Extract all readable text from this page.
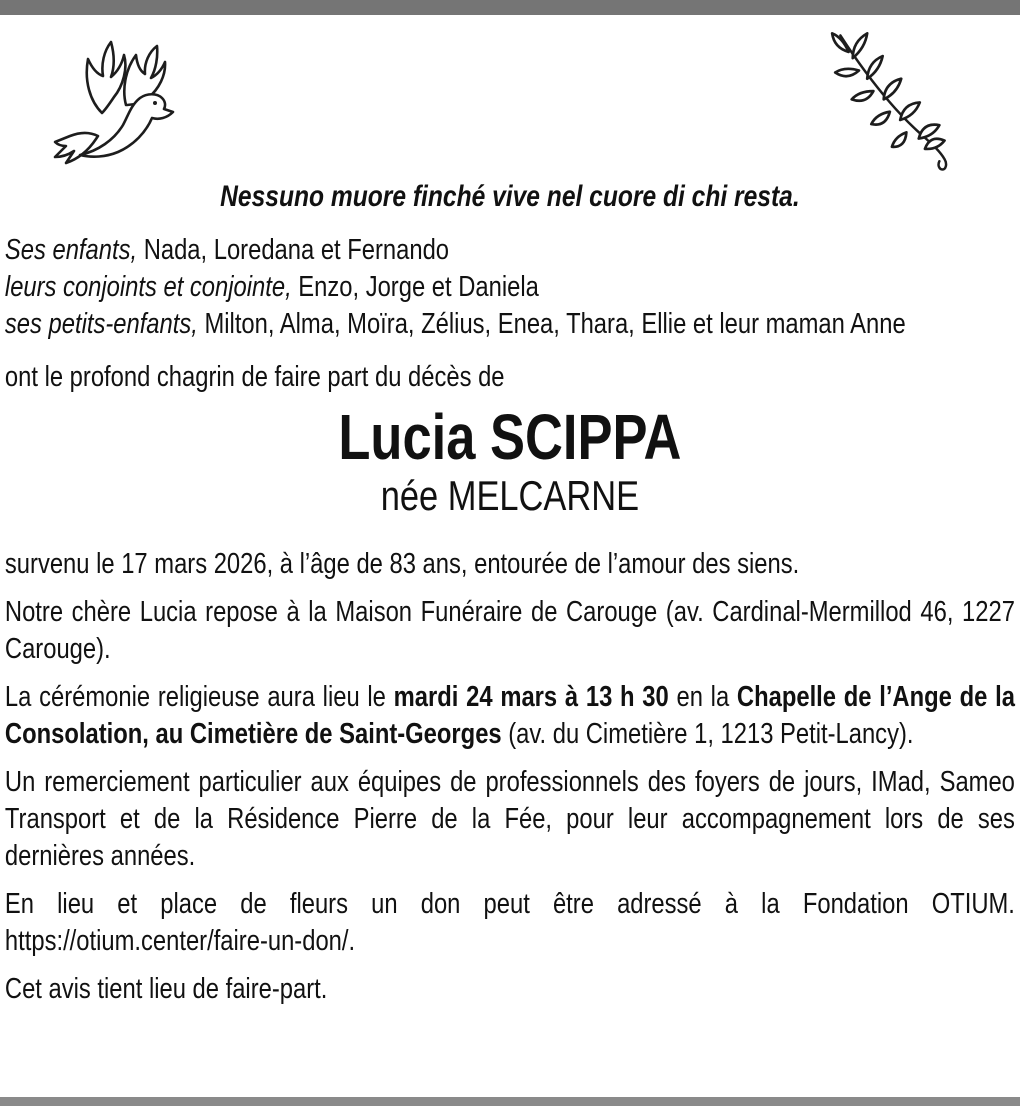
Nessuno muore finché vive nel cuore di chi resta.
Ses enfants, Nada, Loredana et Fernando
leurs conjoints et conjointe, Enzo, Jorge et Daniela
ses petits-enfants, Milton, Alma, Moïra, Zélius, Enea, Thara, Ellie et leur maman Anne
ont le profond chagrin de faire part du décès de
Lucia SCIPPA
née MELCARNE
survenu le 17 mars 2026, à l’âge de 83 ans, entourée de l’amour des siens.
Notre chère Lucia repose à la Maison Funéraire de Carouge (av. Cardinal-Mermillod 46, 1227 Carouge).
La cérémonie religieuse aura lieu le mardi 24 mars à 13 h 30 en la Chapelle de l’Ange de la Consolation, au Cimetière de Saint-Georges (av. du Cimetière 1, 1213 Petit-Lancy).
Un remerciement particulier aux équipes de professionnels des foyers de jours, IMad, Sameo Transport et de la Résidence Pierre de la Fée, pour leur accompagnement lors de ses dernières années.
En lieu et place de fleurs un don peut être adressé à la Fondation OTIUM. https://otium.center/faire-un-don/.
Cet avis tient lieu de faire-part.
